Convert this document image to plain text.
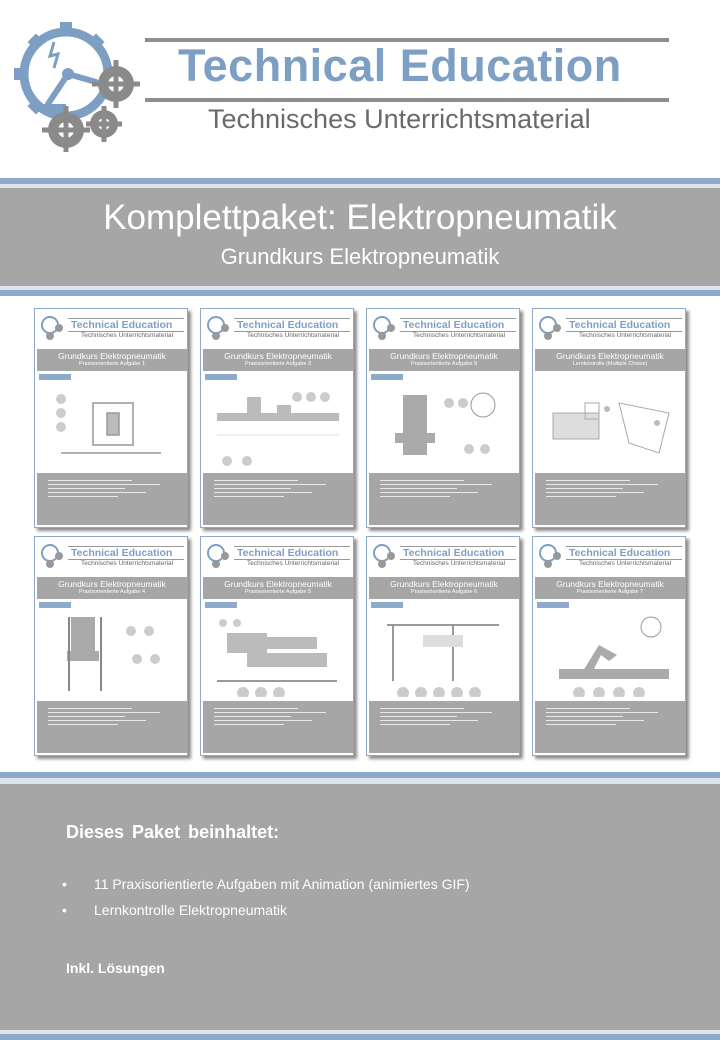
Technical Education
Technisches Unterrichtsmaterial
Komplettpaket: Elektropneumatik
Grundkurs Elektropneumatik
Technical Education
Technisches Unterrichtsmaterial
Grundkurs Elektropneumatik
Praxisorientierte Aufgabe 1
Technical Education
Technisches Unterrichtsmaterial
Grundkurs Elektropneumatik
Praxisorientierte Aufgabe 3
Technical Education
Technisches Unterrichtsmaterial
Grundkurs Elektropneumatik
Praxisorientierte Aufgabe 9
Technical Education
Technisches Unterrichtsmaterial
Grundkurs Elektropneumatik
Lernkontrolle (Multiple Choice)
Technical Education
Technisches Unterrichtsmaterial
Grundkurs Elektropneumatik
Praxisorientierte Aufgabe 4
Technical Education
Technisches Unterrichtsmaterial
Grundkurs Elektropneumatik
Praxisorientierte Aufgabe 5
Technical Education
Technisches Unterrichtsmaterial
Grundkurs Elektropneumatik
Praxisorientierte Aufgabe 6
Technical Education
Technisches Unterrichtsmaterial
Grundkurs Elektropneumatik
Praxisorientierte Aufgabe 7
Dieses Paket beinhaltet:
• 11 Praxisorientierte Aufgaben mit Animation (animiertes GIF)
• Lernkontrolle Elektropneumatik
Inkl. Lösungen
